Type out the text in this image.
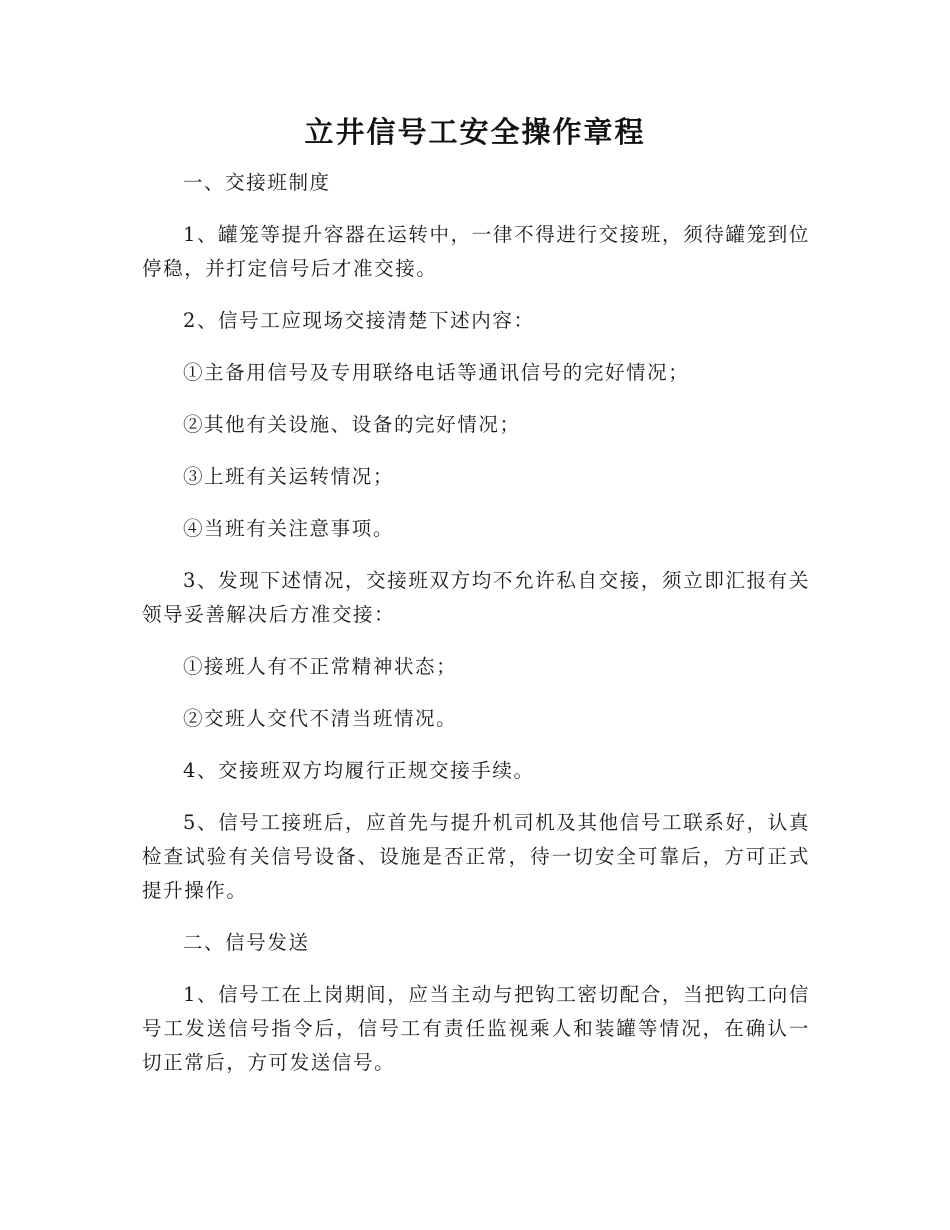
立井信号工安全操作章程

一、交接班制度

1、罐笼等提升容器在运转中，一律不得进行交接班，须待罐笼到位停稳，并打定信号后才准交接。

2、信号工应现场交接清楚下述内容：

①主备用信号及专用联络电话等通讯信号的完好情况；

②其他有关设施、设备的完好情况；

③上班有关运转情况；

④当班有关注意事项。

3、发现下述情况，交接班双方均不允许私自交接，须立即汇报有关领导妥善解决后方准交接：

①接班人有不正常精神状态；

②交班人交代不清当班情况。

4、交接班双方均履行正规交接手续。

5、信号工接班后，应首先与提升机司机及其他信号工联系好，认真检查试验有关信号设备、设施是否正常，待一切安全可靠后，方可正式提升操作。

二、信号发送

1、信号工在上岗期间，应当主动与把钩工密切配合，当把钩工向信号工发送信号指令后，信号工有责任监视乘人和装罐等情况，在确认一切正常后，方可发送信号。
